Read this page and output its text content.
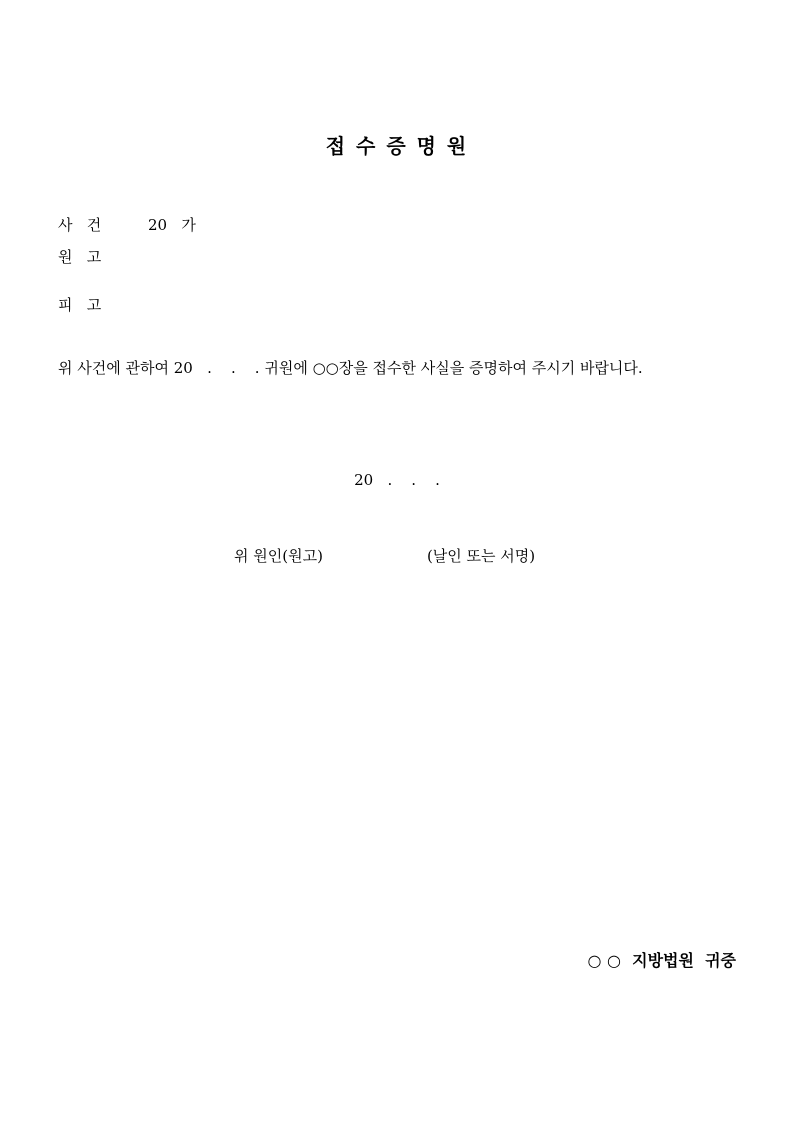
접 수 증 명 원
사   건	20   가
원   고
피   고
위 사건에 관하여 20   .    .    . 귀원에 ○○장을 접수한 사실을 증명하여 주시기 바랍니다.
20   .    .    .
위 원인(원고)	(날인 또는 서명)
○ ○  지방법원  귀중
